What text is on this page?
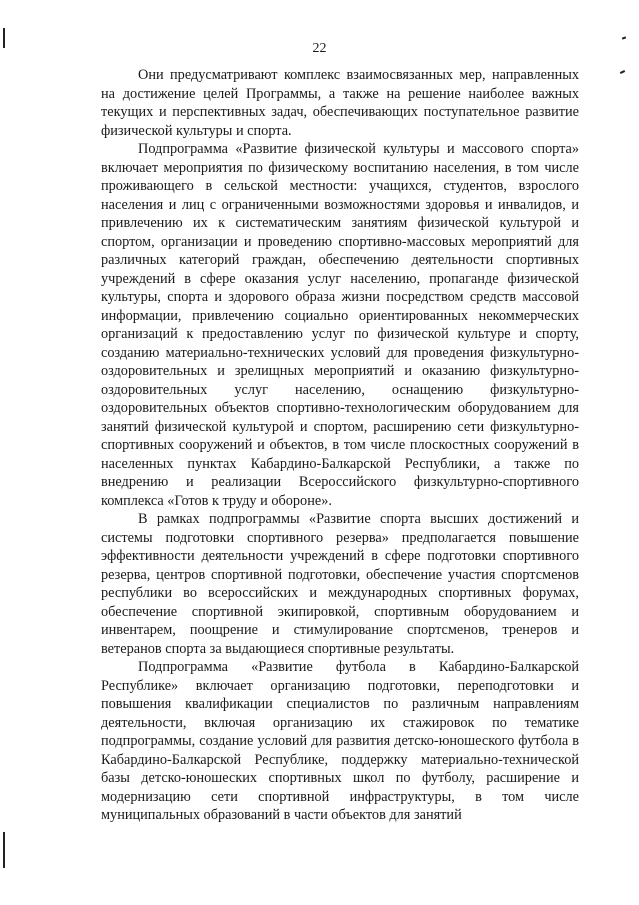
22

Они предусматривают комплекс взаимосвязанных мер, направленных на достижение целей Программы, а также на решение наиболее важных текущих и перспективных задач, обеспечивающих поступательное развитие физической культуры и спорта.

Подпрограмма «Развитие физической культуры и массового спорта» включает мероприятия по физическому воспитанию населения, в том числе проживающего в сельской местности: учащихся, студентов, взрослого населения и лиц с ограниченными возможностями здоровья и инвалидов, и привлечению их к систематическим занятиям физической культурой и спортом, организации и проведению спортивно-массовых мероприятий для различных категорий граждан, обеспечению деятельности спортивных учреждений в сфере оказания услуг населению, пропаганде физической культуры, спорта и здорового образа жизни посредством средств массовой информации, привлечению социально ориентированных некоммерческих организаций к предоставлению услуг по физической культуре и спорту, созданию материально-технических условий для проведения физкультурно-оздоровительных и зрелищных мероприятий и оказанию физкультурно-оздоровительных услуг населению, оснащению физкультурно-оздоровительных объектов спортивно-технологическим оборудованием для занятий физической культурой и спортом, расширению сети физкультурно-спортивных сооружений и объектов, в том числе плоскостных сооружений в населенных пунктах Кабардино-Балкарской Республики, а также по внедрению и реализации Всероссийского физкультурно-спортивного комплекса «Готов к труду и обороне».

В рамках подпрограммы «Развитие спорта высших достижений и системы подготовки спортивного резерва» предполагается повышение эффективности деятельности учреждений в сфере подготовки спортивного резерва, центров спортивной подготовки, обеспечение участия спортсменов республики во всероссийских и международных спортивных форумах, обеспечение спортивной экипировкой, спортивным оборудованием и инвентарем, поощрение и стимулирование спортсменов, тренеров и ветеранов спорта за выдающиеся спортивные результаты.

Подпрограмма «Развитие футбола в Кабардино-Балкарской Республике» включает организацию подготовки, переподготовки и повышения квалификации специалистов по различным направлениям деятельности, включая организацию их стажировок по тематике подпрограммы, создание условий для развития детско-юношеского футбола в Кабардино-Балкарской Республике, поддержку материально-технической базы детско-юношеских спортивных школ по футболу, расширение и модернизацию сети спортивной инфраструктуры, в том числе муниципальных образований в части объектов для занятий
